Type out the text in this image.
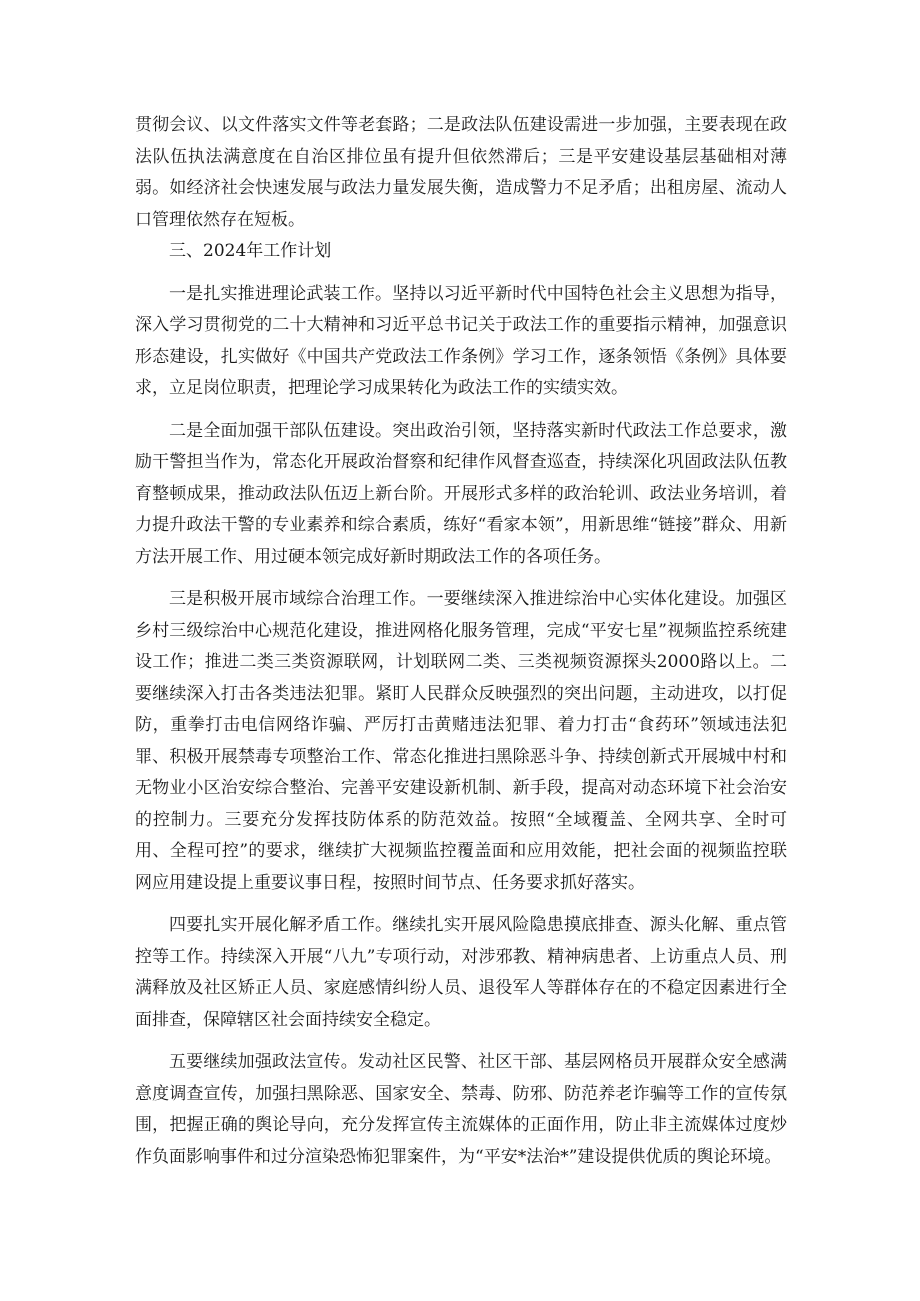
贯彻会议、以文件落实文件等老套路；二是政法队伍建设需进一步加强，主要表现在政法队伍执法满意度在自治区排位虽有提升但依然滞后；三是平安建设基层基础相对薄弱。如经济社会快速发展与政法力量发展失衡，造成警力不足矛盾；出租房屋、流动人口管理依然存在短板。

三、2024年工作计划

一是扎实推进理论武装工作。坚持以习近平新时代中国特色社会主义思想为指导，深入学习贯彻党的二十大精神和习近平总书记关于政法工作的重要指示精神，加强意识形态建设，扎实做好《中国共产党政法工作条例》学习工作，逐条领悟《条例》具体要求，立足岗位职责，把理论学习成果转化为政法工作的实绩实效。

二是全面加强干部队伍建设。突出政治引领，坚持落实新时代政法工作总要求，激励干警担当作为，常态化开展政治督察和纪律作风督查巡查，持续深化巩固政法队伍教育整顿成果，推动政法队伍迈上新台阶。开展形式多样的政治轮训、政法业务培训，着力提升政法干警的专业素养和综合素质，练好“看家本领”，用新思维“链接”群众、用新方法开展工作、用过硬本领完成好新时期政法工作的各项任务。

三是积极开展市域综合治理工作。一要继续深入推进综治中心实体化建设。加强区乡村三级综治中心规范化建设，推进网格化服务管理，完成“平安七星”视频监控系统建设工作；推进二类三类资源联网，计划联网二类、三类视频资源探头2000路以上。二要继续深入打击各类违法犯罪。紧盯人民群众反映强烈的突出问题，主动进攻，以打促防，重拳打击电信网络诈骗、严厉打击黄赌违法犯罪、着力打击“食药环”领域违法犯罪、积极开展禁毒专项整治工作、常态化推进扫黑除恶斗争、持续创新式开展城中村和无物业小区治安综合整治、完善平安建设新机制、新手段，提高对动态环境下社会治安的控制力。三要充分发挥技防体系的防范效益。按照“全域覆盖、全网共享、全时可用、全程可控”的要求，继续扩大视频监控覆盖面和应用效能，把社会面的视频监控联网应用建设提上重要议事日程，按照时间节点、任务要求抓好落实。

四要扎实开展化解矛盾工作。继续扎实开展风险隐患摸底排查、源头化解、重点管控等工作。持续深入开展“八九”专项行动，对涉邪教、精神病患者、上访重点人员、刑满释放及社区矫正人员、家庭感情纠纷人员、退役军人等群体存在的不稳定因素进行全面排查，保障辖区社会面持续安全稳定。

五要继续加强政法宣传。发动社区民警、社区干部、基层网格员开展群众安全感满意度调查宣传，加强扫黑除恶、国家安全、禁毒、防邪、防范养老诈骗等工作的宣传氛围，把握正确的舆论导向，充分发挥宣传主流媒体的正面作用，防止非主流媒体过度炒作负面影响事件和过分渲染恐怖犯罪案件，为“平安*法治*”建设提供优质的舆论环境。
